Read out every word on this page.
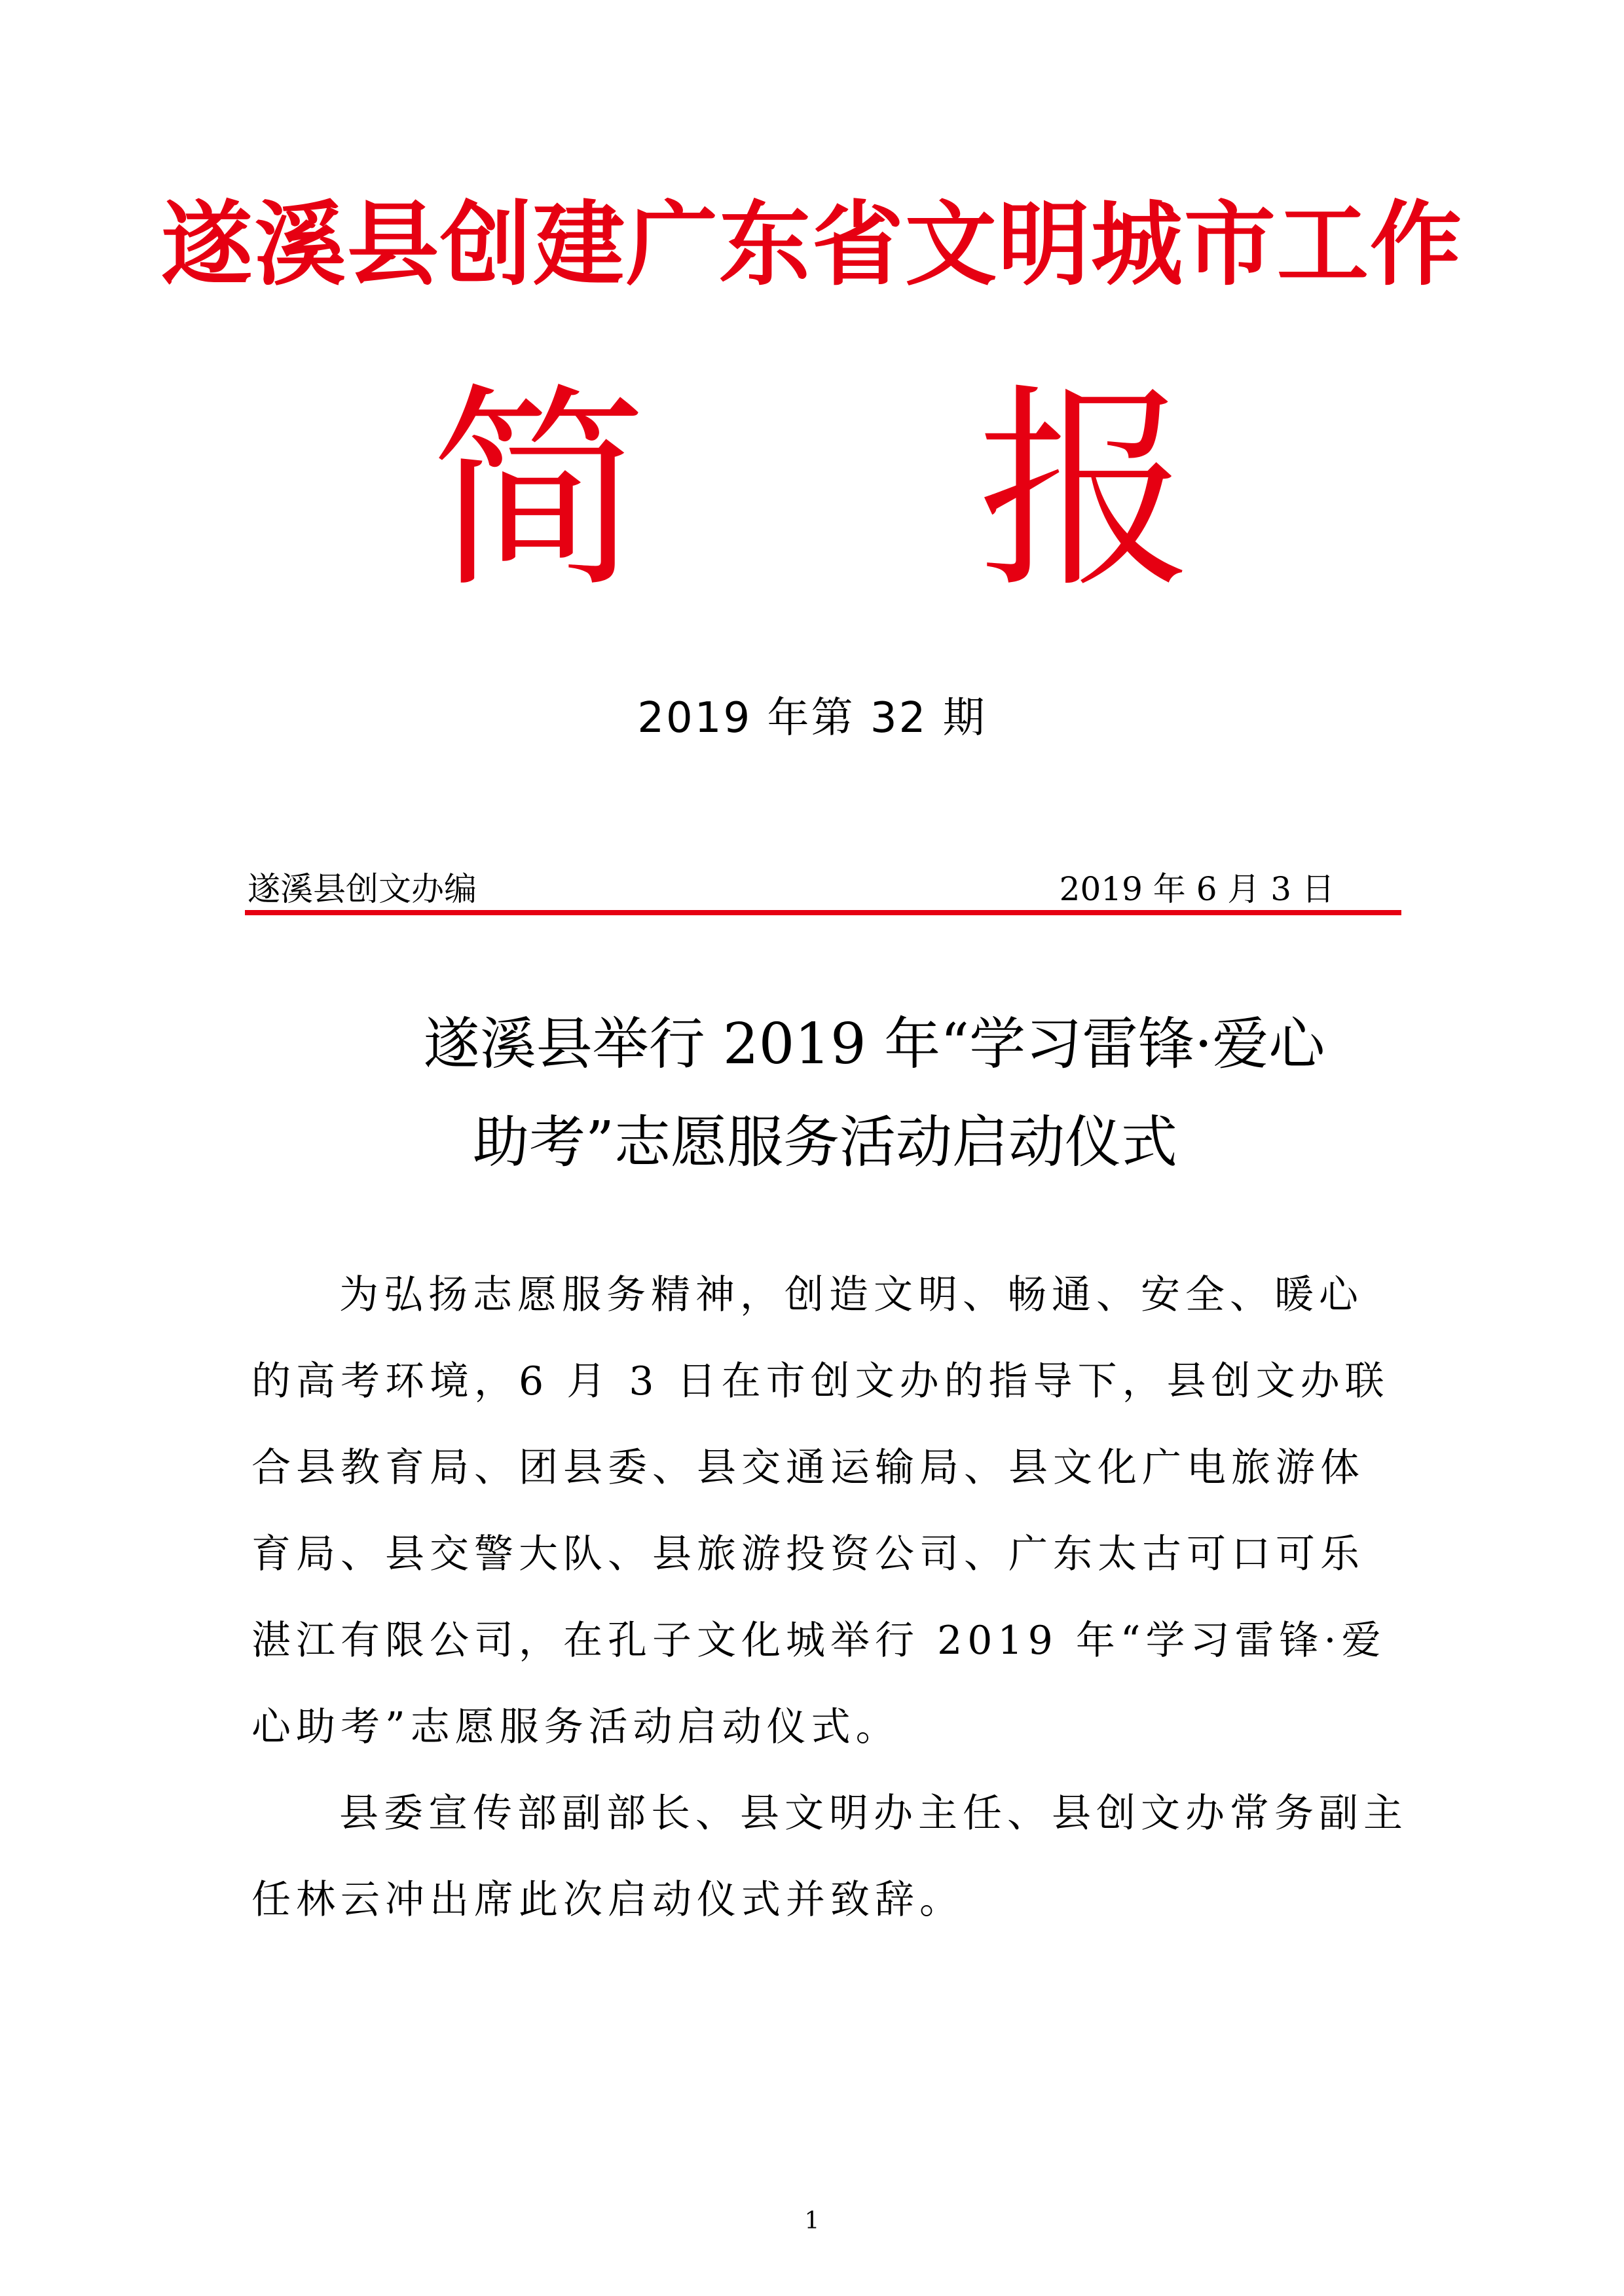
遂溪县创建广东省文明城市工作
简 报
2019 年第 32 期
遂溪县创文办编	2019 年 6 月 3 日
遂溪县举行 2019 年“学习雷锋·爱心
助考”志愿服务活动启动仪式

为弘扬志愿服务精神，创造文明、畅通、安全、暖心
的高考环境，6 月 3 日在市创文办的指导下，县创文办联
合县教育局、团县委、县交通运输局、县文化广电旅游体
育局、县交警大队、县旅游投资公司、广东太古可口可乐
湛江有限公司，在孔子文化城举行 2019 年“学习雷锋·爱
心助考”志愿服务活动启动仪式。

县委宣传部副部长、县文明办主任、县创文办常务副主
任林云冲出席此次启动仪式并致辞。

1
